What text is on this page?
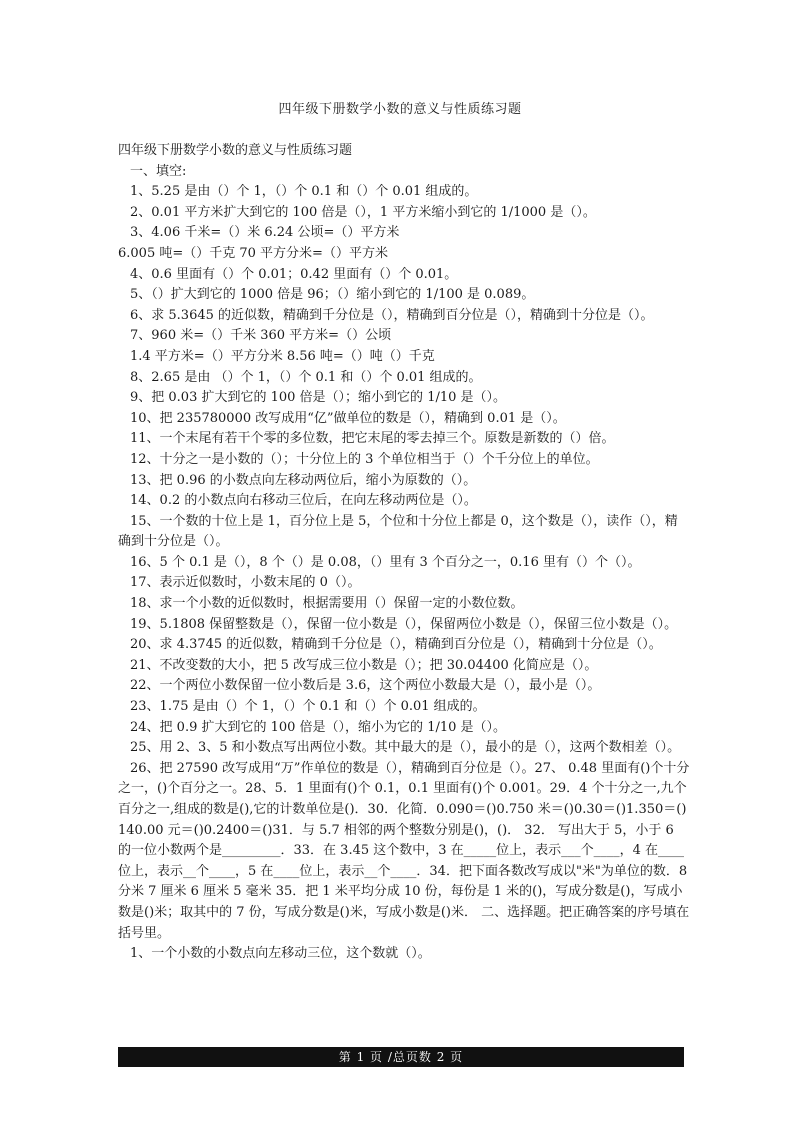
四年级下册数学小数的意义与性质练习题

四年级下册数学小数的意义与性质练习题

一、填空:

1、5.25 是由（）个 1，（）个 0.1 和（）个 0.01 组成的。

2、0.01 平方米扩大到它的 100 倍是（），1 平方米缩小到它的 1/1000 是（）。

3、4.06 千米=（）米 6.24 公顷=（）平方米

6.005 吨=（）千克 70 平方分米=（）平方米

4、0.6 里面有（）个 0.01；0.42 里面有（）个 0.01。

5、（）扩大到它的 1000 倍是 96；（）缩小到它的 1/100 是 0.089。

6、求 5.3645 的近似数，精确到千分位是（），精确到百分位是（），精确到十分位是（）。

7、960 米=（）千米 360 平方米=（）公顷

1.4 平方米=（）平方分米 8.56 吨=（）吨（）千克

8、2.65 是由 （）个 1，（）个 0.1 和（）个 0.01 组成的。

9、把 0.03 扩大到它的 100 倍是（）；缩小到它的 1/10 是（）。

10、把 235780000 改写成用“亿”做单位的数是（），精确到 0.01 是（）。

11、一个末尾有若干个零的多位数，把它末尾的零去掉三个。原数是新数的（）倍。

12、十分之一是小数的（）；十分位上的 3 个单位相当于（）个千分位上的单位。

13、把 0.96 的小数点向左移动两位后，缩小为原数的（）。

14、0.2 的小数点向右移动三位后，在向左移动两位是（）。

15、一个数的十位上是 1，百分位上是 5，个位和十分位上都是 0，这个数是（），读作（），精确到十分位是（）。

16、5 个 0.1 是（），8 个（）是 0.08，（）里有 3 个百分之一，0.16 里有（）个（）。

17、表示近似数时，小数末尾的 0（）。

18、求一个小数的近似数时，根据需要用（）保留一定的小数位数。

19、5.1808 保留整数是（），保留一位小数是（），保留两位小数是（），保留三位小数是（）。

20、求 4.3745 的近似数，精确到千分位是（），精确到百分位是（），精确到十分位是（）。

21、不改变数的大小，把 5 改写成三位小数是（）；把 30.04400 化简应是（）。

22、一个两位小数保留一位小数后是 3.6，这个两位小数最大是（），最小是（）。

23、1.75 是由（）个 1，（）个 0.1 和（）个 0.01 组成的。

24、把 0.9 扩大到它的 100 倍是（），缩小为它的 1/10 是（）。

25、用 2、3、5 和小数点写出两位小数。其中最大的是（），最小的是（），这两个数相差（）。

26、把 27590 改写成用“万”作单位的数是（），精确到百分位是（）。27、 0.48 里面有()个十分之一，()个百分之一。28、5．1 里面有()个 0.1，0.1 里面有()个 0.001。29．4 个十分之一,九个百分之一,组成的数是(),它的计数单位是()．30．化简．0.090＝()0.750 米＝()0.30＝()1.350＝()140.00 元＝()0.2400＝()31．与 5.7 相邻的两个整数分别是()，()． 32． 写出大于 5，小于 6 的一位小数两个是_________．33．在 3.45 这个数中，3 在_____位上，表示___个____，4 在____位上，表示__个____，5 在____位上，表示__个____．34．把下面各数改写成以"米"为单位的数．8 分米 7 厘米 6 厘米 5 毫米 35．把 1 米平均分成 10 份，每份是 1 米的()，写成分数是()，写成小数是()米；取其中的 7 份，写成分数是()米，写成小数是()米． 二、选择题。把正确答案的序号填在括号里。

1、一个小数的小数点向左移动三位，这个数就（）。

第 1 页 /总页数 2 页
